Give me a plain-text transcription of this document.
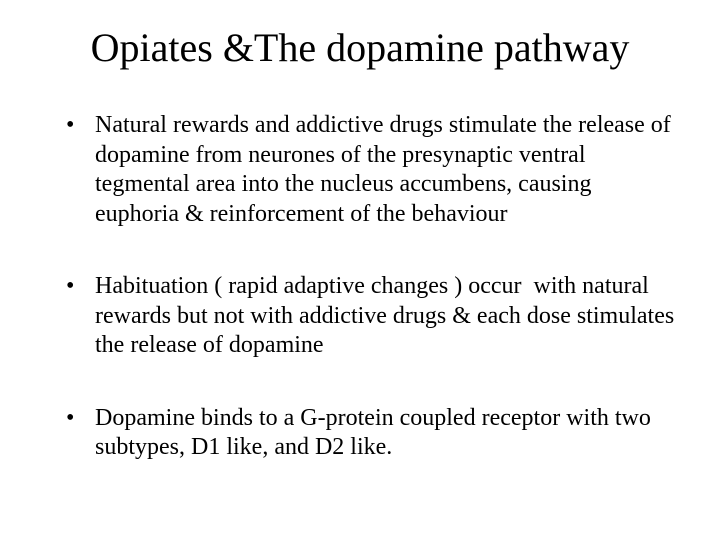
Opiates &The dopamine pathway
• Natural rewards and addictive drugs stimulate the release of dopamine from neurones of the presynaptic ventral tegmental area into the nucleus accumbens, causing euphoria & reinforcement of the behaviour
• Habituation ( rapid adaptive changes ) occur  with natural rewards but not with addictive drugs & each dose stimulates the release of dopamine
• Dopamine binds to a G-protein coupled receptor with two subtypes, D1 like, and D2 like.
